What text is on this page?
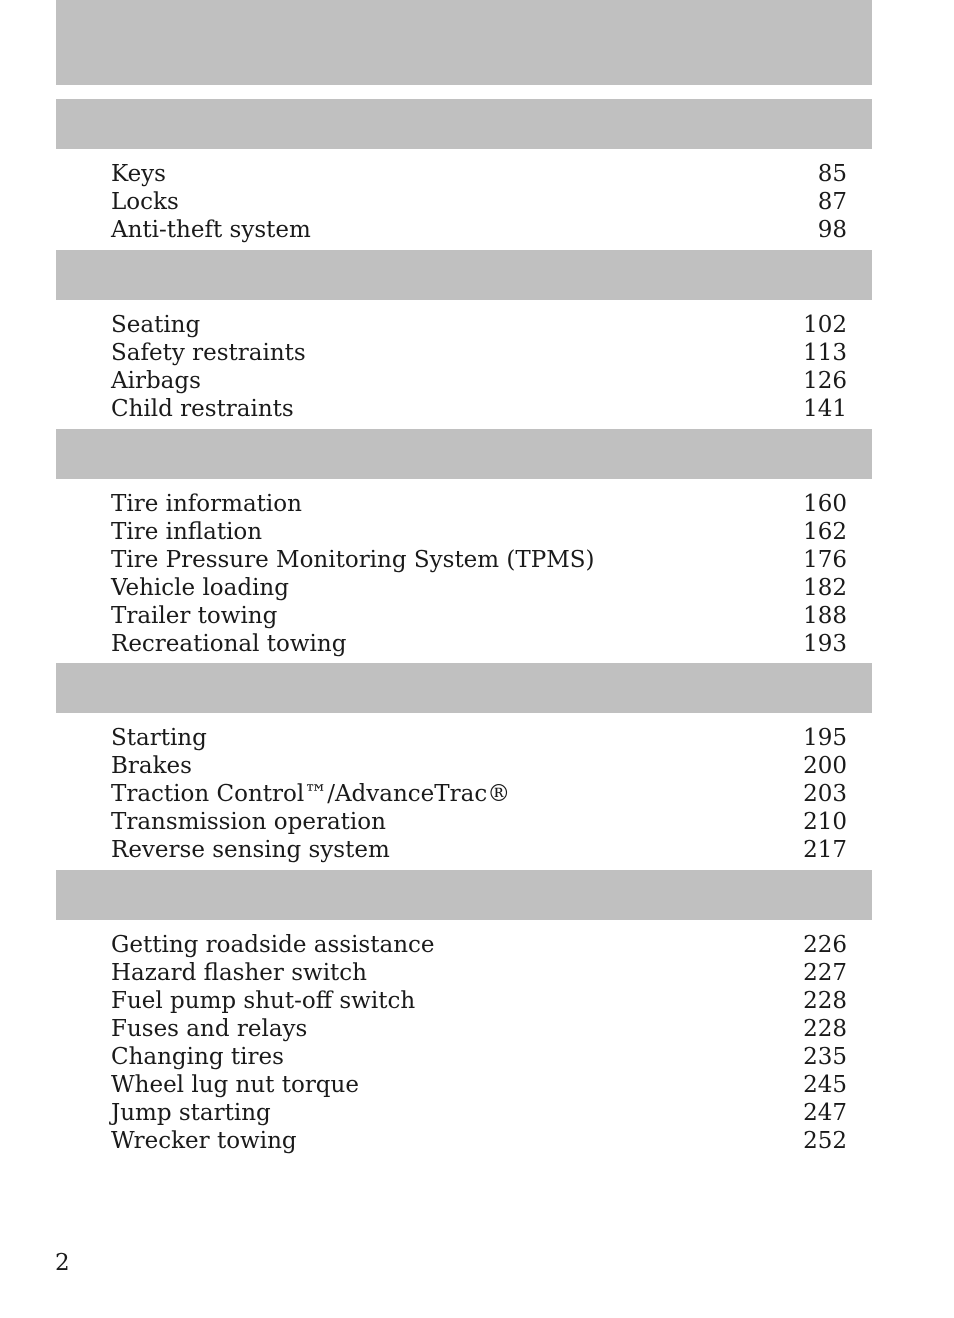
Keys	85
Locks	87
Anti-theft system	98
Seating	102
Safety restraints	113
Airbags	126
Child restraints	141
Tire information	160
Tire inflation	162
Tire Pressure Monitoring System (TPMS)	176
Vehicle loading	182
Trailer towing	188
Recreational towing	193
Starting	195
Brakes	200
Traction Control™/AdvanceTrac®	203
Transmission operation	210
Reverse sensing system	217
Getting roadside assistance	226
Hazard flasher switch	227
Fuel pump shut-off switch	228
Fuses and relays	228
Changing tires	235
Wheel lug nut torque	245
Jump starting	247
Wrecker towing	252
2
